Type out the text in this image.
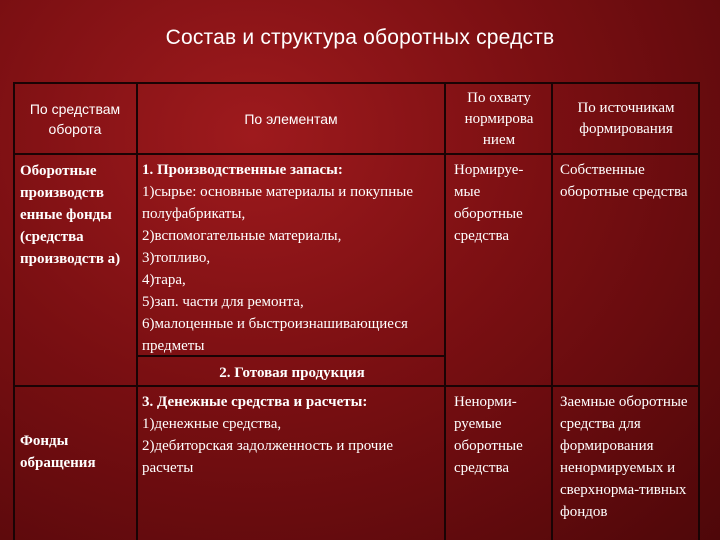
Состав и структура оборотных средств
По средствам оборота
По элементам
По охвату нормирова нием
По источникам формирования
Оборотные производств енные фонды (средства производств а)
1. Производственные запасы:
1)сырье: основные материалы и покупные полуфабрикаты,
2)вспомогательные материалы,
3)топливо,
4)тара,
5)зап. части для ремонта,
6)малоценные и быстроизнашивающиеся предметы
2. Готовая продукция
Нормируе-мые оборотные средства
Собственные оборотные средства
Фонды обращения
3. Денежные средства и расчеты:
1)денежные средства,
2)дебиторская задолженность и прочие расчеты
Ненорми-руемые оборотные средства
Заемные оборотные средства для формирования ненормируемых и сверхнорма-тивных фондов
